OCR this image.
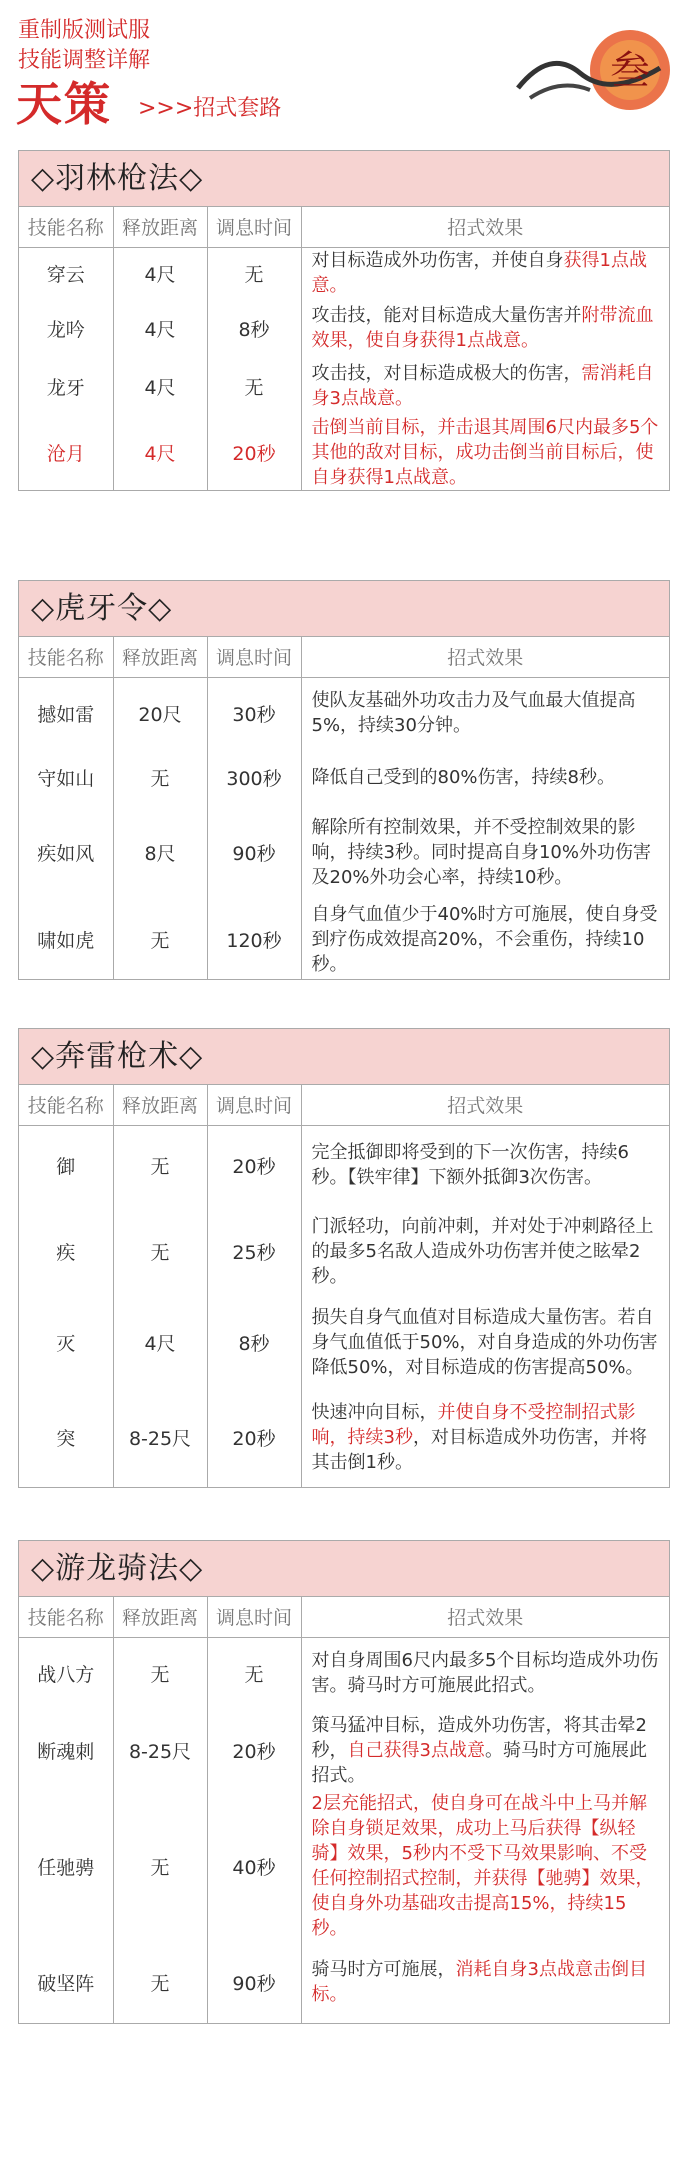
重制版测试服
技能调整详解
天策 >>>招式套路
叁
◇羽林枪法◇
技能名称	释放距离	调息时间	招式效果
穿云	4尺	无	对目标造成外功伤害，并使自身获得1点战意。
龙吟	4尺	8秒	攻击技，能对目标造成大量伤害并附带流血效果，使自身获得1点战意。
龙牙	4尺	无	攻击技，对目标造成极大的伤害，需消耗自身3点战意。
沧月	4尺	20秒	击倒当前目标，并击退其周围6尺内最多5个其他的敌对目标，成功击倒当前目标后，使自身获得1点战意。
◇虎牙令◇
技能名称	释放距离	调息时间	招式效果
撼如雷	20尺	30秒	使队友基础外功攻击力及气血最大值提高5%，持续30分钟。
守如山	无	300秒	降低自己受到的80%伤害，持续8秒。
疾如风	8尺	90秒	解除所有控制效果，并不受控制效果的影响，持续3秒。同时提高自身10%外功伤害及20%外功会心率，持续10秒。
啸如虎	无	120秒	自身气血值少于40%时方可施展，使自身受到疗伤成效提高20%，不会重伤，持续10秒。
◇奔雷枪术◇
技能名称	释放距离	调息时间	招式效果
御	无	20秒	完全抵御即将受到的下一次伤害，持续6秒。【铁牢律】下额外抵御3次伤害。
疾	无	25秒	门派轻功，向前冲刺，并对处于冲刺路径上的最多5名敌人造成外功伤害并使之眩晕2秒。
灭	4尺	8秒	损失自身气血值对目标造成大量伤害。若自身气血值低于50%，对自身造成的外功伤害降低50%，对目标造成的伤害提高50%。
突	8-25尺	20秒	快速冲向目标，并使自身不受控制招式影响，持续3秒，对目标造成外功伤害，并将其击倒1秒。
◇游龙骑法◇
技能名称	释放距离	调息时间	招式效果
战八方	无	无	对自身周围6尺内最多5个目标均造成外功伤害。骑马时方可施展此招式。
断魂刺	8-25尺	20秒	策马猛冲目标，造成外功伤害，将其击晕2秒，自己获得3点战意。骑马时方可施展此招式。
任驰骋	无	40秒	2层充能招式，使自身可在战斗中上马并解除自身锁足效果，成功上马后获得【纵轻骑】效果，5秒内不受下马效果影响、不受任何控制招式控制，并获得【驰骋】效果，使自身外功基础攻击提高15%，持续15秒。
破坚阵	无	90秒	骑马时方可施展，消耗自身3点战意击倒目标。
